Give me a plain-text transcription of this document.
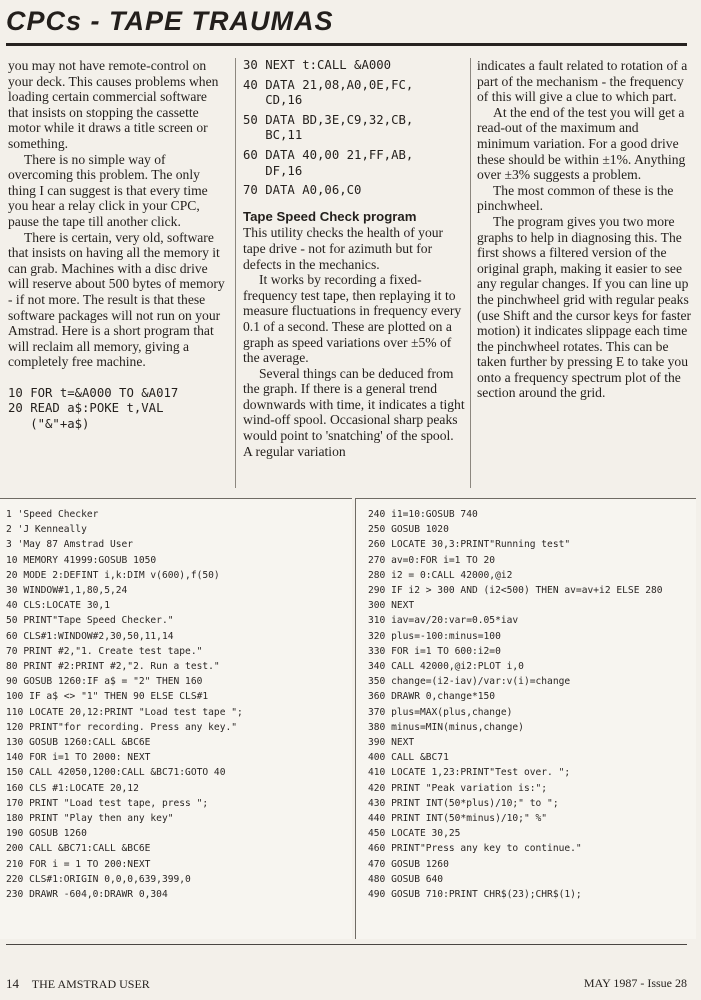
CPCs - TAPE TRAUMAS

you may not have remote-control on your deck. This causes problems when loading certain commercial software that insists on stopping the cassette motor while it draws a title screen or something.

There is no simple way of overcoming this problem. The only thing I can suggest is that every time you hear a relay click in your CPC, pause the tape till another click.

There is certain, very old, software that insists on having all the memory it can grab. Machines with a disc drive will reserve about 500 bytes of memory - if not more. The result is that these software packages will not run on your Amstrad. Here is a short program that will reclaim all memory, giving a completely free machine.

10 FOR t=&A000 TO &A017
20 READ a$:POKE t,VAL
("&"+a$)
30 NEXT t:CALL &A000
40 DATA 21,08,A0,0E,FC,
CD,16
50 DATA BD,3E,C9,32,CB,
BC,11
60 DATA 40,00 21,FF,AB,
DF,16
70 DATA A0,06,C0
Tape Speed Check program

This utility checks the health of your tape drive - not for azimuth but for defects in the mechanics.

It works by recording a fixed-frequency test tape, then replaying it to measure fluctuations in frequency every 0.1 of a second. These are plotted on a graph as speed variations over ±5% of the average.

Several things can be deduced from the graph. If there is a general trend downwards with time, it indicates a tight wind-off spool. Occasional sharp peaks would point to 'snatching' of the spool. A regular variation

indicates a fault related to rotation of a part of the mechanism - the frequency of this will give a clue to which part.

At the end of the test you will get a read-out of the maximum and minimum variation. For a good drive these should be within ±1%. Anything over ±3% suggests a problem.

The most common of these is the pinchwheel.

The program gives you two more graphs to help in diagnosing this. The first shows a filtered version of the original graph, making it easier to see any regular changes. If you can line up the pinchwheel grid with regular peaks (use Shift and the cursor keys for faster motion) it indicates slippage each time the pinchwheel rotates. This can be taken further by pressing E to take you onto a frequency spectrum plot of the section around the grid.

1 'Speed Checker
2 'J Kenneally
3 'May 87 Amstrad User
10 MEMORY 41999:GOSUB 1050
20 MODE 2:DEFINT i,k:DIM v(600),f(50)
30 WINDOW#1,1,80,5,24
40 CLS:LOCATE 30,1
50 PRINT"Tape Speed Checker."
60 CLS#1:WINDOW#2,30,50,11,14
70 PRINT #2,"1. Create test tape."
80 PRINT #2:PRINT #2,"2. Run a test."
90 GOSUB 1260:IF a$ = "2" THEN 160
100 IF a$ <> "1" THEN 90 ELSE CLS#1
110 LOCATE 20,12:PRINT "Load test tape ";
120 PRINT"for recording. Press any key."
130 GOSUB 1260:CALL &BC6E
140 FOR i=1 TO 2000: NEXT
150 CALL 42050,1200:CALL &BC71:GOTO 40
160 CLS #1:LOCATE 20,12
170 PRINT "Load test tape, press ";
180 PRINT "Play then any key"
190 GOSUB 1260
200 CALL &BC71:CALL &BC6E
210 FOR i = 1 TO 200:NEXT
220 CLS#1:ORIGIN 0,0,0,639,399,0
230 DRAWR -604,0:DRAWR 0,304
240 i1=10:GOSUB 740
250 GOSUB 1020
260 LOCATE 30,3:PRINT"Running test"
270 av=0:FOR i=1 TO 20
280 i2 = 0:CALL 42000,@i2
290 IF i2 > 300 AND (i2<500) THEN av=av+i2 ELSE 280
300 NEXT
310 iav=av/20:var=0.05*iav
320 plus=-100:minus=100
330 FOR i=1 TO 600:i2=0
340 CALL 42000,@i2:PLOT i,0
350 change=(i2-iav)/var:v(i)=change
360 DRAWR 0,change*150
370 plus=MAX(plus,change)
380 minus=MIN(minus,change)
390 NEXT
400 CALL &BC71
410 LOCATE 1,23:PRINT"Test over. ";
420 PRINT "Peak variation is:";
430 PRINT INT(50*plus)/10;" to ";
440 PRINT INT(50*minus)/10;" %"
450 LOCATE 30,25
460 PRINT"Press any key to continue."
470 GOSUB 1260
480 GOSUB 640
490 GOSUB 710:PRINT CHR$(23);CHR$(1);
14 THE AMSTRAD USER	MAY 1987 - Issue 28
